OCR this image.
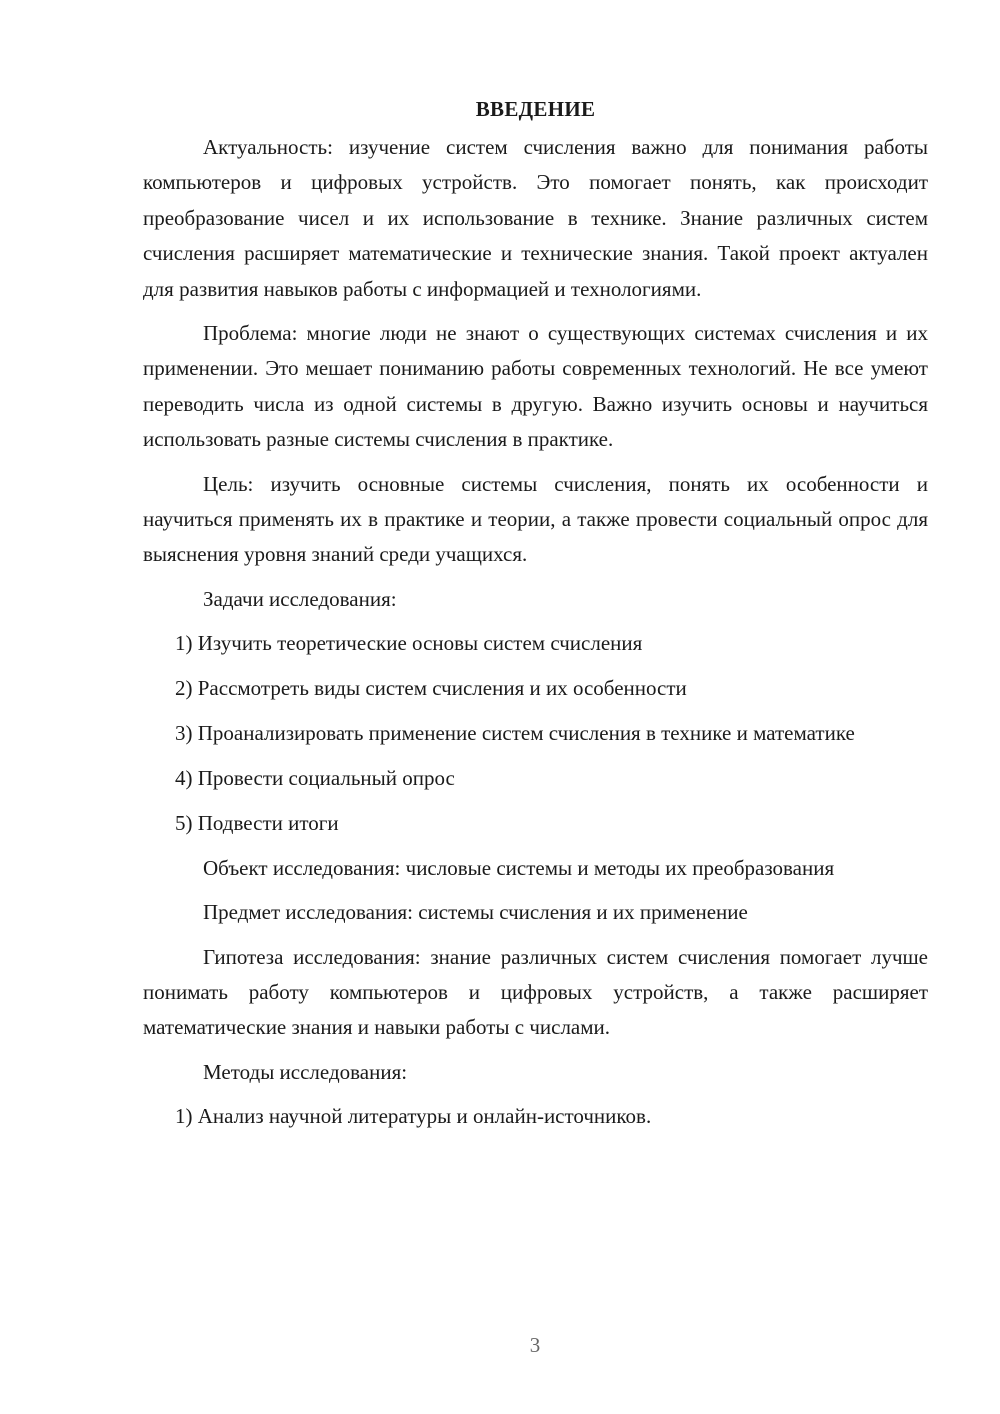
ВВЕДЕНИЕ

Актуальность: изучение систем счисления важно для понимания работы компьютеров и цифровых устройств. Это помогает понять, как происходит преобразование чисел и их использование в технике. Знание различных систем счисления расширяет математические и технические знания. Такой проект актуален для развития навыков работы с информацией и технологиями.

Проблема: многие люди не знают о существующих системах счисления и их применении. Это мешает пониманию работы современных технологий. Не все умеют переводить числа из одной системы в другую. Важно изучить основы и научиться использовать разные системы счисления в практике.

Цель: изучить основные системы счисления, понять их особенности и научиться применять их в практике и теории, а также провести социальный опрос для выяснения уровня знаний среди учащихся.

Задачи исследования:

1) Изучить теоретические основы систем счисления

2) Рассмотреть виды систем счисления и их особенности

3) Проанализировать применение систем счисления в технике и математике

4) Провести социальный опрос

5) Подвести итоги

Объект исследования: числовые системы и методы их преобразования

Предмет исследования: системы счисления и их применение

Гипотеза исследования: знание различных систем счисления помогает лучше понимать работу компьютеров и цифровых устройств, а также расширяет математические знания и навыки работы с числами.

Методы исследования:

1) Анализ научной литературы и онлайн-источников.

3
